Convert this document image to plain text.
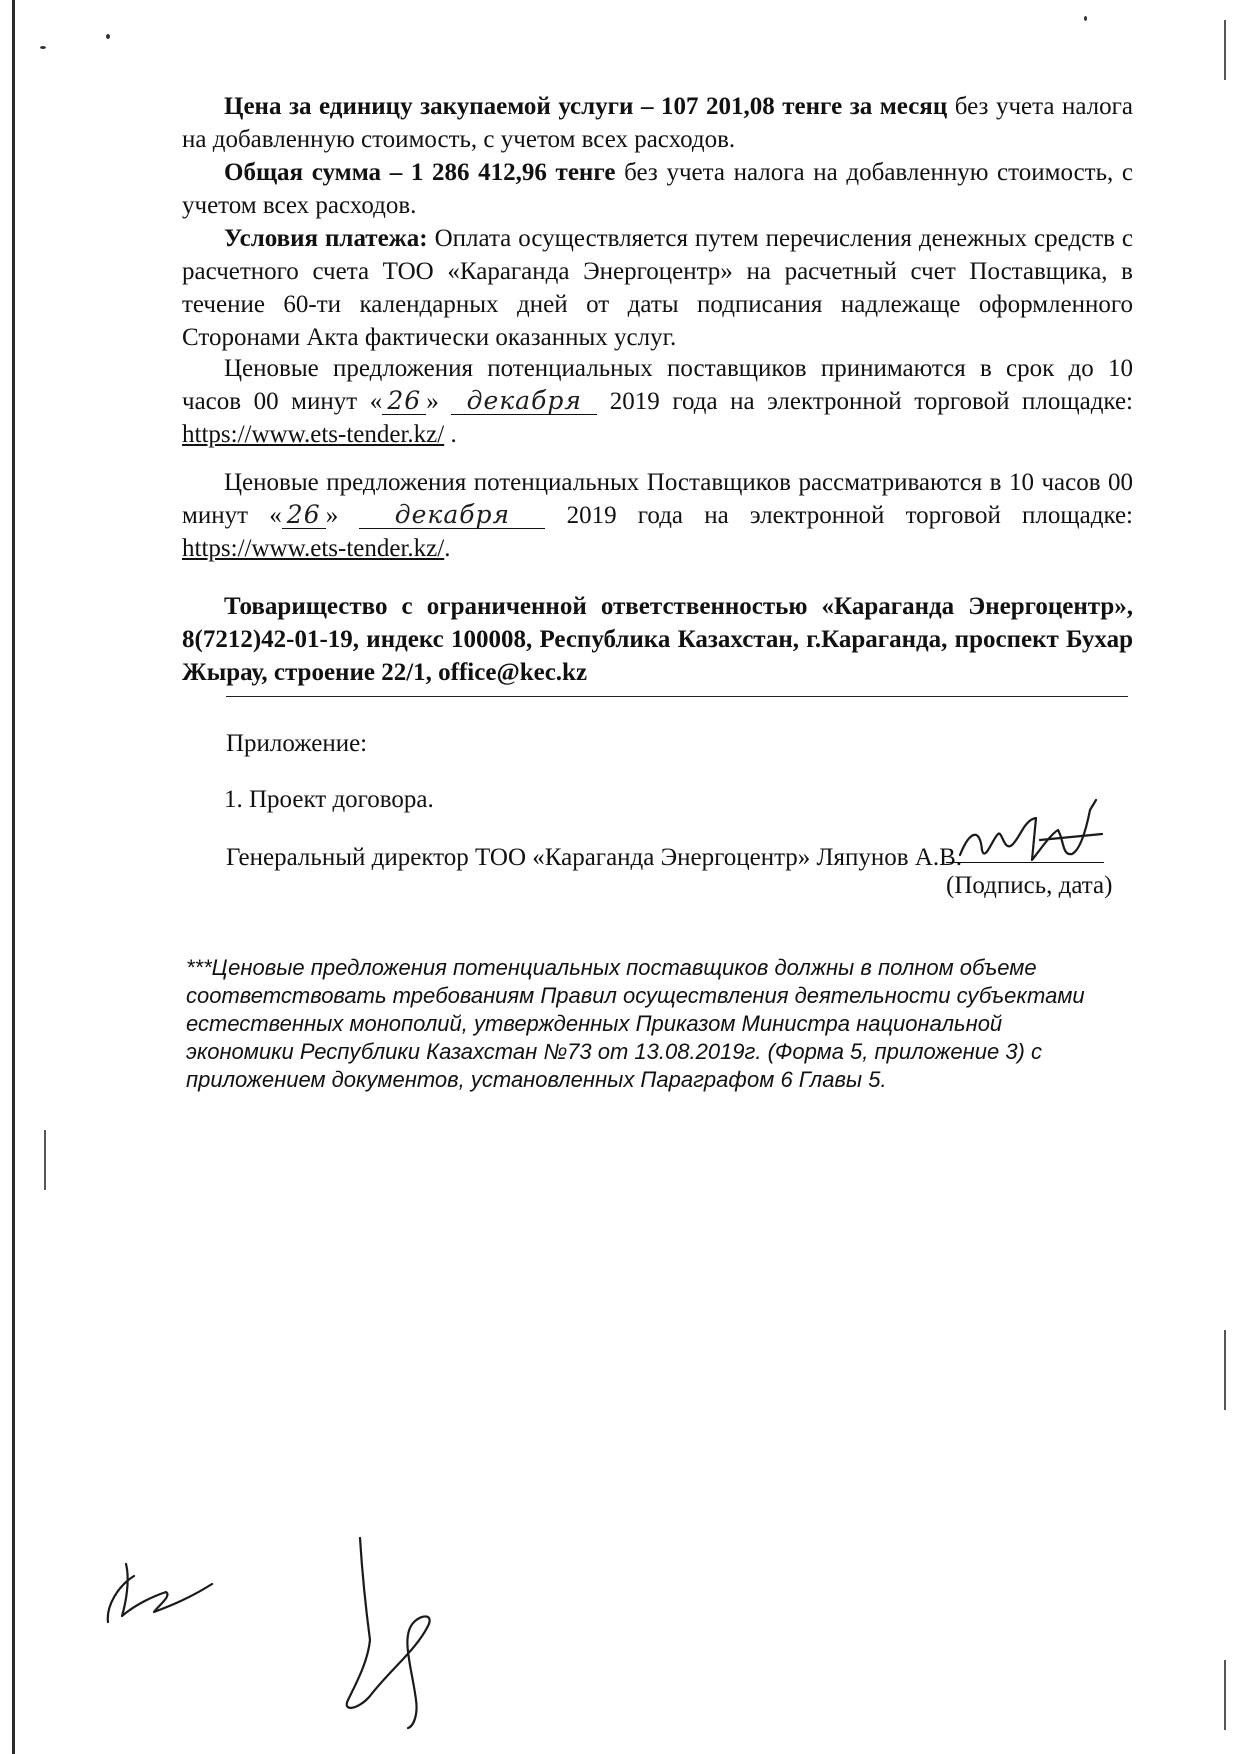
Цена за единицу закупаемой услуги – 107 201,08 тенге за месяц без учета налога на добавленную стоимость, с учетом всех расходов.

Общая сумма – 1 286 412,96 тенге без учета налога на добавленную стоимость, с учетом всех расходов.

Условия платежа: Оплата осуществляется путем перечисления денежных средств с расчетного счета ТОО «Караганда Энергоцентр» на расчетный счет Поставщика, в течение 60-ти календарных дней от даты подписания надлежаще оформленного Сторонами Акта фактически оказанных услуг.

Ценовые предложения потенциальных поставщиков принимаются в срок до 10 часов 00 минут « 26 » декабря 2019 года на электронной торговой площадке: https://www.ets-tender.kz/ .

Ценовые предложения потенциальных Поставщиков рассматриваются в 10 часов 00 минут « 26 » декабря 2019 года на электронной торговой площадке: https://www.ets-tender.kz/.

Товарищество с ограниченной ответственностью «Караганда Энергоцентр», 8(7212)42-01-19, индекс 100008, Республика Казахстан, г.Караганда, проспект Бухар Жырау, строение 22/1, office@kec.kz

Приложение:
1. Проект договора.
Генеральный директор ТОО «Караганда Энергоцентр» Ляпунов А.В.
(Подпись, дата)
***Ценовые предложения потенциальных поставщиков должны в полном объеме соответствовать требованиям Правил осуществления деятельности субъектами естественных монополий, утвержденных Приказом Министра национальной экономики Республики Казахстан №73 от 13.08.2019г. (Форма 5, приложение 3) с приложением документов, установленных Параграфом 6 Главы 5.
